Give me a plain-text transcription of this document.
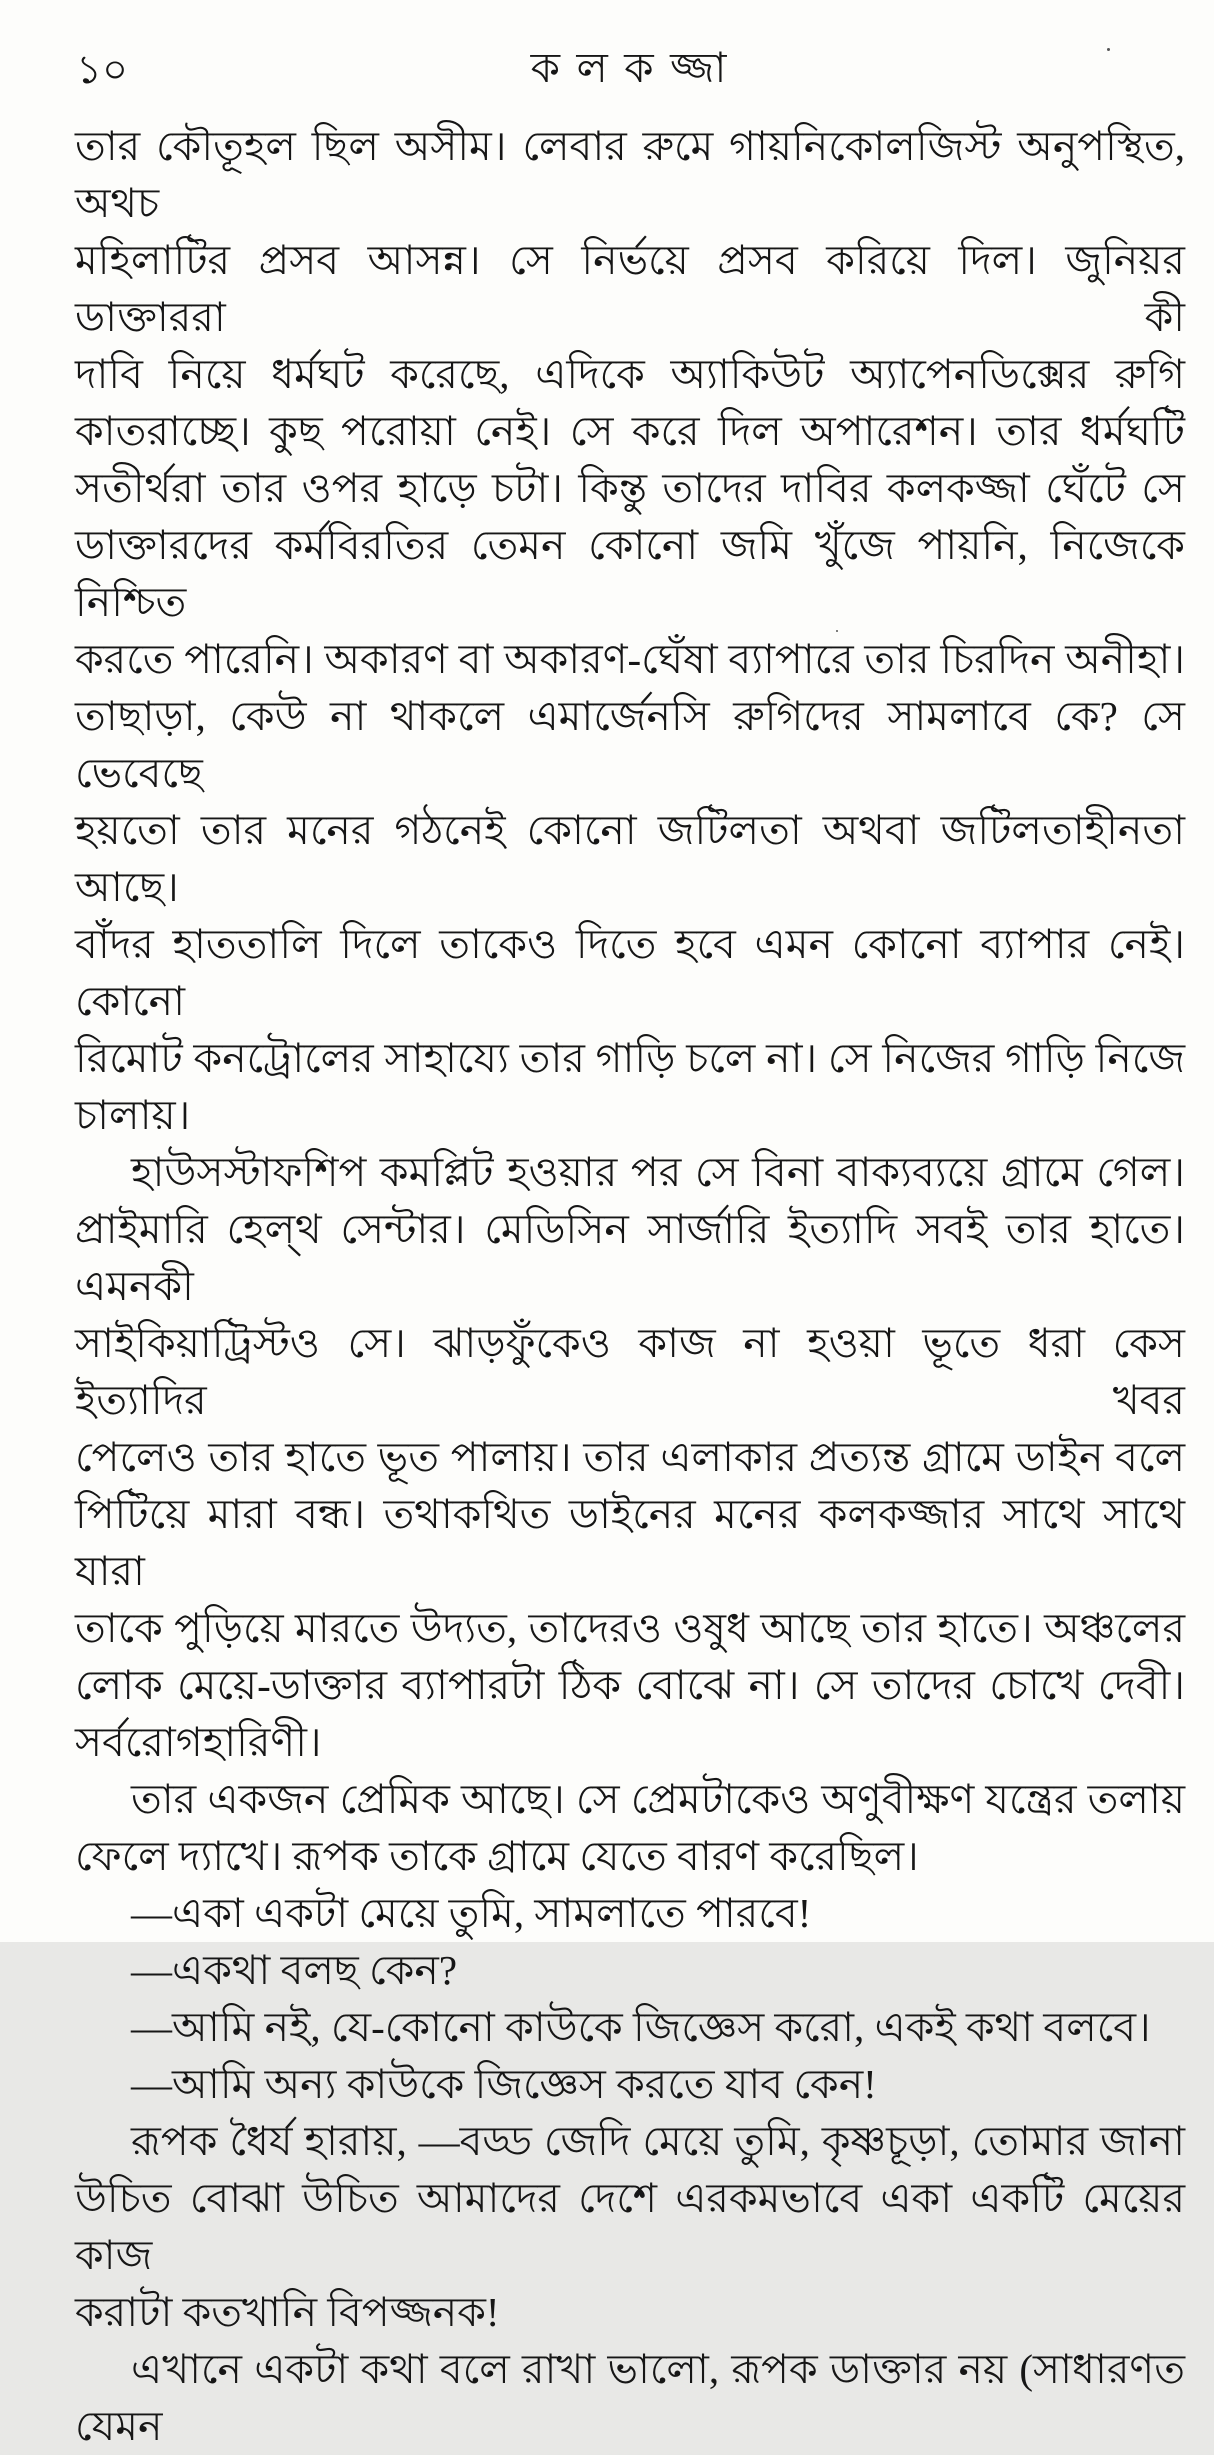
১০	ক ল ক জ্জা
তার কৌতূহল ছিল অসীম। লেবার রুমে গায়নিকোলজিস্ট অনুপস্থিত, অথচ
মহিলাটির প্রসব আসন্ন। সে নির্ভয়ে প্রসব করিয়ে দিল। জুনিয়র ডাক্তাররা কী
দাবি নিয়ে ধর্মঘট করেছে, এদিকে অ্যাকিউট অ্যাপেনডিক্সের রুগি
কাতরাচ্ছে। কুছ পরোয়া নেই। সে করে দিল অপারেশন। তার ধর্মঘটি
সতীর্থরা তার ওপর হাড়ে চটা। কিন্তু তাদের দাবির কলকজ্জা ঘেঁটে সে
ডাক্তারদের কর্মবিরতির তেমন কোনো জমি খুঁজে পায়নি, নিজেকে নিশ্চিত
করতে পারেনি। অকারণ বা অকারণ-ঘেঁষা ব্যাপারে তার চিরদিন অনীহা।
তাছাড়া, কেউ না থাকলে এমার্জেনসি রুগিদের সামলাবে কে? সে ভেবেছে
হয়তো তার মনের গঠনেই কোনো জটিলতা অথবা জটিলতাহীনতা আছে।
বাঁদর হাততালি দিলে তাকেও দিতে হবে এমন কোনো ব্যাপার নেই। কোনো
রিমোট কনট্রোলের সাহায্যে তার গাড়ি চলে না। সে নিজের গাড়ি নিজে
চালায়।
হাউসস্টাফশিপ কমপ্লিট হওয়ার পর সে বিনা বাক্যব্যয়ে গ্রামে গেল।
প্রাইমারি হেল্থ সেন্টার। মেডিসিন সার্জারি ইত্যাদি সবই তার হাতে। এমনকী
সাইকিয়াট্রিস্টও সে। ঝাড়ফুঁকেও কাজ না হওয়া ভূতে ধরা কেস ইত্যাদির খবর
পেলেও তার হাতে ভূত পালায়। তার এলাকার প্রত্যন্ত গ্রামে ডাইন বলে
পিটিয়ে মারা বন্ধ। তথাকথিত ডাইনের মনের কলকজ্জার সাথে সাথে যারা
তাকে পুড়িয়ে মারতে উদ্যত, তাদেরও ওষুধ আছে তার হাতে। অঞ্চলের
লোক মেয়ে-ডাক্তার ব্যাপারটা ঠিক বোঝে না। সে তাদের চোখে দেবী।
সর্বরোগহারিণী।
তার একজন প্রেমিক আছে। সে প্রেমটাকেও অণুবীক্ষণ যন্ত্রের তলায়
ফেলে দ্যাখে। রূপক তাকে গ্রামে যেতে বারণ করেছিল।
—একা একটা মেয়ে তুমি, সামলাতে পারবে!
—একথা বলছ কেন?
—আমি নই, যে-কোনো কাউকে জিজ্ঞেস করো, একই কথা বলবে।
—আমি অন্য কাউকে জিজ্ঞেস করতে যাব কেন!
রূপক ধৈর্য হারায়, —বড্ড জেদি মেয়ে তুমি, কৃষ্ণচূড়া, তোমার জানা
উচিত বোঝা উচিত আমাদের দেশে এরকমভাবে একা একটি মেয়ের কাজ
করাটা কতখানি বিপজ্জনক!
এখানে একটা কথা বলে রাখা ভালো, রূপক ডাক্তার নয় (সাধারণত যেমন
